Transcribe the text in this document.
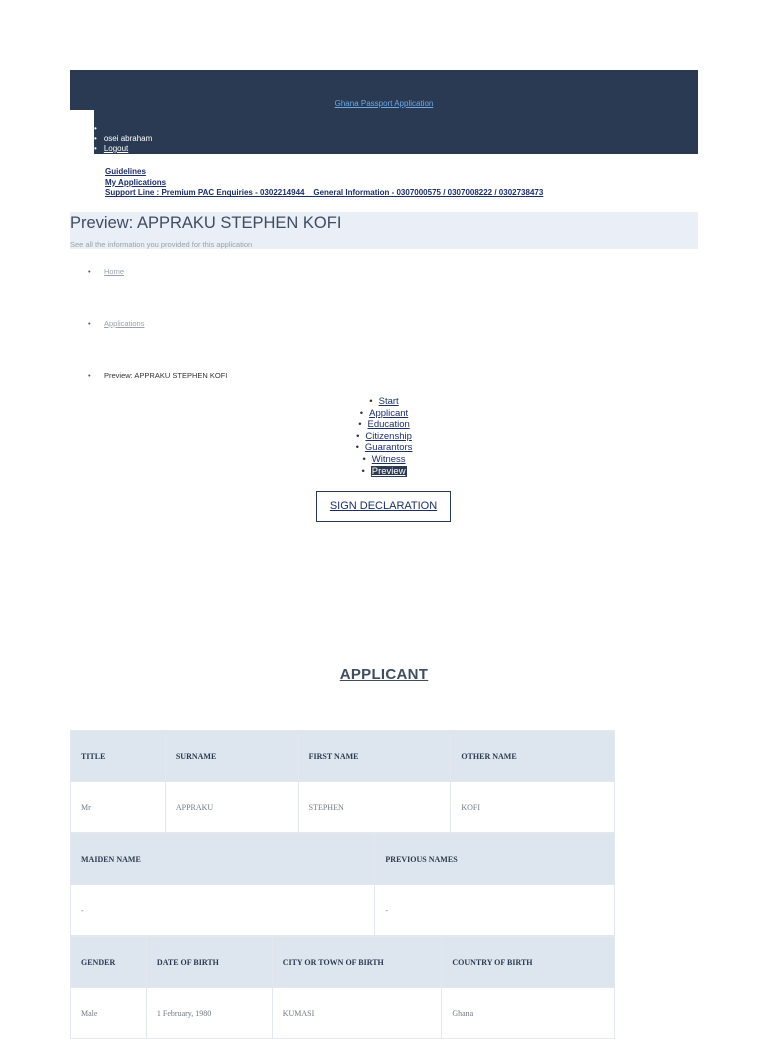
Ghana Passport Application
•
• osei abraham
• Logout
Guidelines
My Applications
Support Line : Premium PAC Enquiries - 0302214944    General Information - 0307000575 / 0307008222 / 0302738473
Preview: APPRAKU STEPHEN KOFI
See all the information you provided for this application
• Home
• Applications
• Preview: APPRAKU STEPHEN KOFI
• Start
• Applicant
• Education
• Citizenship
• Guarantors
• Witness
• Preview
SIGN DECLARATION
APPLICANT
TITLE	SURNAME	FIRST NAME	OTHER NAME
Mr	APPRAKU	STEPHEN	KOFI
MAIDEN NAME	PREVIOUS NAMES
-	-
GENDER	DATE OF BIRTH	CITY OR TOWN OF BIRTH	COUNTRY OF BIRTH
Male	1 February, 1980	KUMASI	Ghana
